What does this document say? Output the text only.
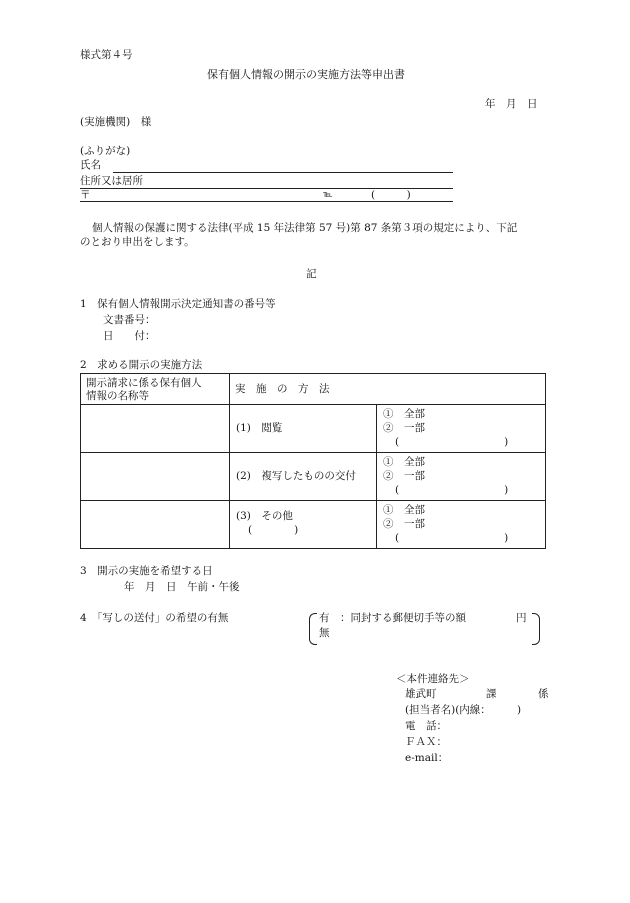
様式第４号
保有個人情報の開示の実施方法等申出書
年　月　日
(実施機関)　様
(ふりがな)
氏名
住所又は居所
〒	℡	(　　　)
個人情報の保護に関する法律(平成 15 年法律第 57 号)第 87 条第３項の規定により、下記
のとおり申出をします。
記
1　保有個人情報開示決定通知書の番号等
文書番号：
日　　付：
2　求める開示の実施方法
開示請求に係る保有個人
情報の名称等	実　施　の　方　法	

	(1)　閲覧	①　全部
②　一部
(　　　　　　　　　　)

	(2)　複写したものの交付	①　全部
②　一部
(　　　　　　　　　　)

	(3)　その他
(　　　　)	①　全部
②　一部
(　　　　　　　　　　)
3　開示の実施を希望する日
年　月　日　午前・午後
4　「写しの送付」の希望の有無	有　：同封する郵便切手等の額	円
無
＜本件連絡先＞
雄武町	課	係
(担当者名)(内線：　　　)
電　話：
ＦＡＸ：
e-mail：
